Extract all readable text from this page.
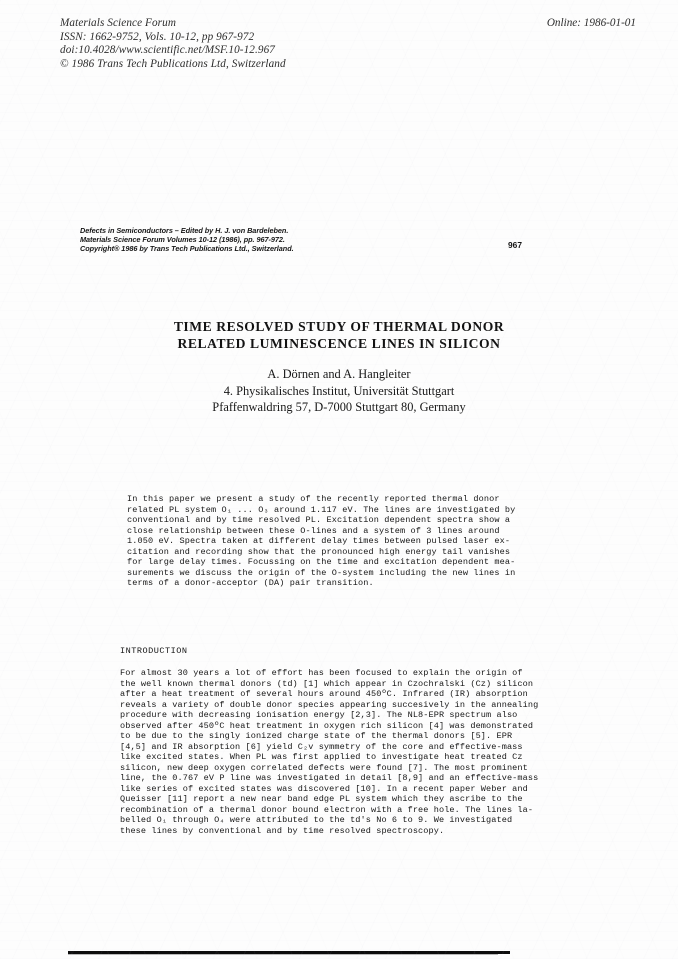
Materials Science Forum
ISSN: 1662-9752, Vols. 10-12, pp 967-972
doi:10.4028/www.scientific.net/MSF.10-12.967
© 1986 Trans Tech Publications Ltd, Switzerland
Online: 1986-01-01
Defects in Semiconductors – Edited by H. J. von Bardeleben.
Materials Science Forum Volumes 10-12 (1986), pp. 967-972.
Copyright® 1986 by Trans Tech Publications Ltd., Switzerland.	967
TIME RESOLVED STUDY OF THERMAL DONOR
RELATED LUMINESCENCE LINES IN SILICON
A. Dörnen and A. Hangleiter
4. Physikalisches Institut, Universität Stuttgart
Pfaffenwaldring 57, D-7000 Stuttgart 80, Germany
In this paper we present a study of the recently reported thermal donor
related PL system O₁ ... O₃ around 1.117 eV. The lines are investigated by
conventional and by time resolved PL. Excitation dependent spectra show a
close relationship between these O-lines and a system of 3 lines around
1.050 eV. Spectra taken at different delay times between pulsed laser ex-
citation and recording show that the pronounced high energy tail vanishes
for large delay times. Focussing on the time and excitation dependent mea-
surements we discuss the origin of the O-system including the new lines in
terms of a donor-acceptor (DA) pair transition.
INTRODUCTION
For almost 30 years a lot of effort has been focused to explain the origin of
the well known thermal donors (td) [1] which appear in Czochralski (Cz) silicon
after a heat treatment of several hours around 450ºC. Infrared (IR) absorption
reveals a variety of double donor species appearing succesively in the annealing
procedure with decreasing ionisation energy [2,3]. The NL8-EPR spectrum also
observed after 450ºC heat treatment in oxygen rich silicon [4] was demonstrated
to be due to the singly ionized charge state of the thermal donors [5]. EPR
[4,5] and IR absorption [6] yield C₂ᴠ symmetry of the core and effective-mass
like excited states. When PL was first applied to investigate heat treated Cz
silicon, new deep oxygen correlated defects were found [7]. The most prominent
line, the 0.767 eV P line was investigated in detail [8,9] and an effective-mass
like series of excited states was discovered [10]. In a recent paper Weber and
Queisser [11] report a new near band edge PL system which they ascribe to the
recombination of a thermal donor bound electron with a free hole. The lines la-
belled O₁ through O₄ were attributed to the td's No 6 to 9. We investigated
these lines by conventional and by time resolved spectroscopy.
